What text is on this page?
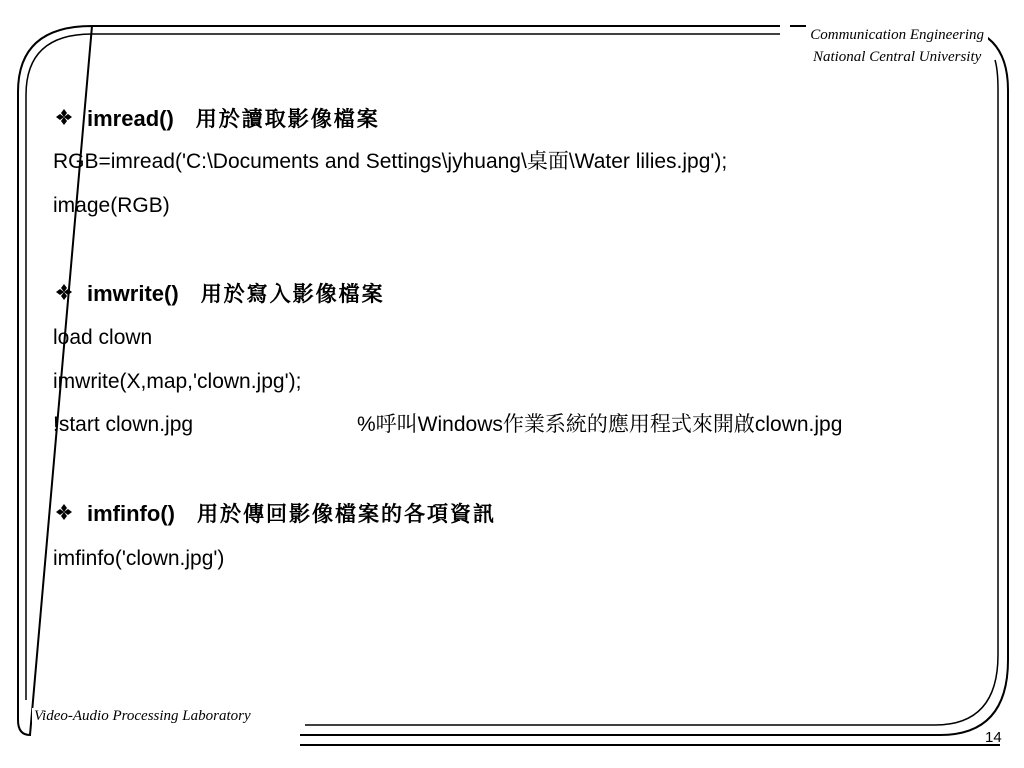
Communication Engineering
National Central University
imread() 用於讀取影像檔案
RGB=imread('C:\Documents and Settings\jyhuang\桌面\Water lilies.jpg');
image(RGB)
imwrite() 用於寫入影像檔案
load clown
imwrite(X,map,'clown.jpg');
!start clown.jpg	%呼叫Windows作業系統的應用程式來開啟clown.jpg
imfinfo() 用於傳回影像檔案的各項資訊
imfinfo('clown.jpg')
Video-Audio Processing Laboratory
14
